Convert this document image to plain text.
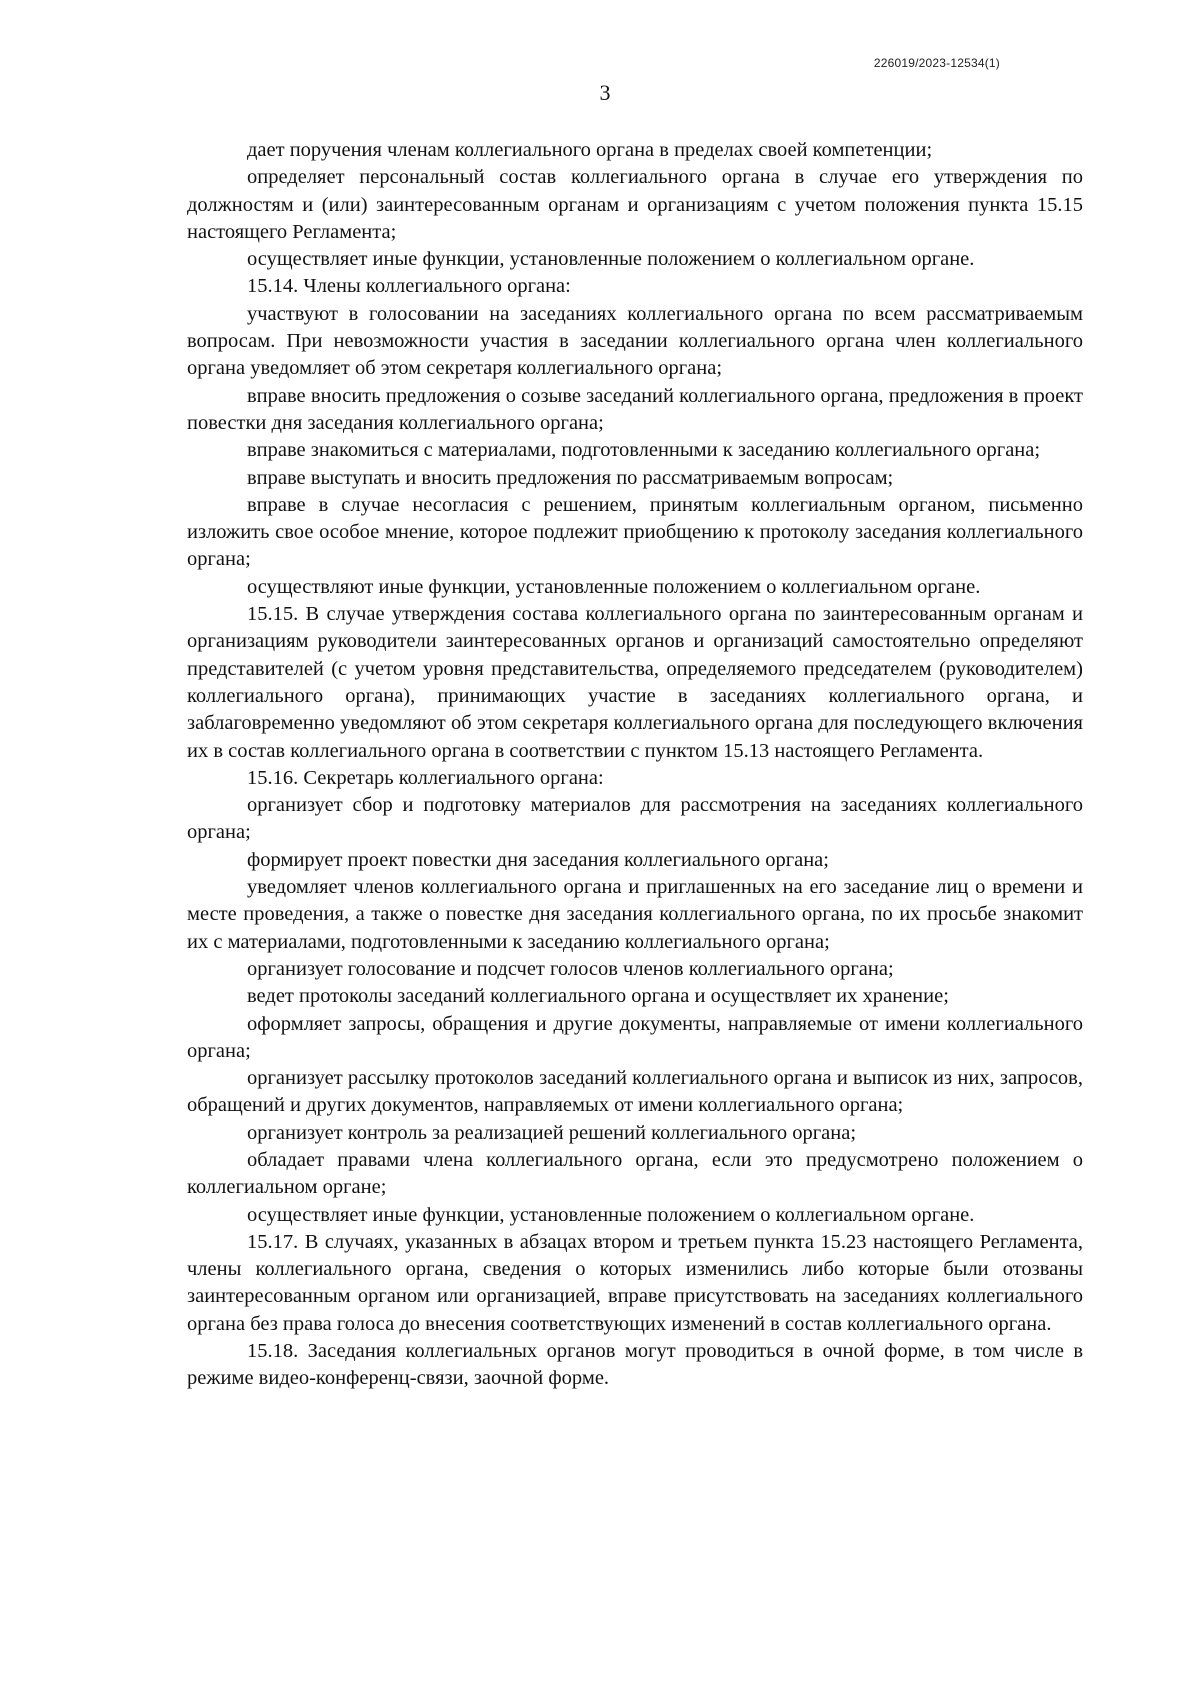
226019/2023-12534(1)
3

дает поручения членам коллегиального органа в пределах своей компетенции;

определяет персональный состав коллегиального органа в случае его утверждения по должностям и (или) заинтересованным органам и организациям с учетом положения пункта 15.15 настоящего Регламента;

осуществляет иные функции, установленные положением о коллегиальном органе.

15.14. Члены коллегиального органа:

участвуют в голосовании на заседаниях коллегиального органа по всем рассматриваемым вопросам. При невозможности участия в заседании коллегиального органа член коллегиального органа уведомляет об этом секретаря коллегиального органа;

вправе вносить предложения о созыве заседаний коллегиального органа, предложения в проект повестки дня заседания коллегиального органа;

вправе знакомиться с материалами, подготовленными к заседанию коллегиального органа;

вправе выступать и вносить предложения по рассматриваемым вопросам;

вправе в случае несогласия с решением, принятым коллегиальным органом, письменно изложить свое особое мнение, которое подлежит приобщению к протоколу заседания коллегиального органа;

осуществляют иные функции, установленные положением о коллегиальном органе.

15.15. В случае утверждения состава коллегиального органа по заинтересованным органам и организациям руководители заинтересованных органов и организаций самостоятельно определяют представителей (с учетом уровня представительства, определяемого председателем (руководителем) коллегиального органа), принимающих участие в заседаниях коллегиального органа, и заблаговременно уведомляют об этом секретаря коллегиального органа для последующего включения их в состав коллегиального органа в соответствии с пунктом 15.13 настоящего Регламента.

15.16. Секретарь коллегиального органа:

организует сбор и подготовку материалов для рассмотрения на заседаниях коллегиального органа;

формирует проект повестки дня заседания коллегиального органа;

уведомляет членов коллегиального органа и приглашенных на его заседание лиц о времени и месте проведения, а также о повестке дня заседания коллегиального органа, по их просьбе знакомит их с материалами, подготовленными к заседанию коллегиального органа;

организует голосование и подсчет голосов членов коллегиального органа;

ведет протоколы заседаний коллегиального органа и осуществляет их хранение;

оформляет запросы, обращения и другие документы, направляемые от имени коллегиального органа;

организует рассылку протоколов заседаний коллегиального органа и выписок из них, запросов, обращений и других документов, направляемых от имени коллегиального органа;

организует контроль за реализацией решений коллегиального органа;

обладает правами члена коллегиального органа, если это предусмотрено положением о коллегиальном органе;

осуществляет иные функции, установленные положением о коллегиальном органе.

15.17. В случаях, указанных в абзацах втором и третьем пункта 15.23 настоящего Регламента, члены коллегиального органа, сведения о которых изменились либо которые были отозваны заинтересованным органом или организацией, вправе присутствовать на заседаниях коллегиального органа без права голоса до внесения соответствующих изменений в состав коллегиального органа.

15.18. Заседания коллегиальных органов могут проводиться в очной форме, в том числе в режиме видео-конференц-связи, заочной форме.
